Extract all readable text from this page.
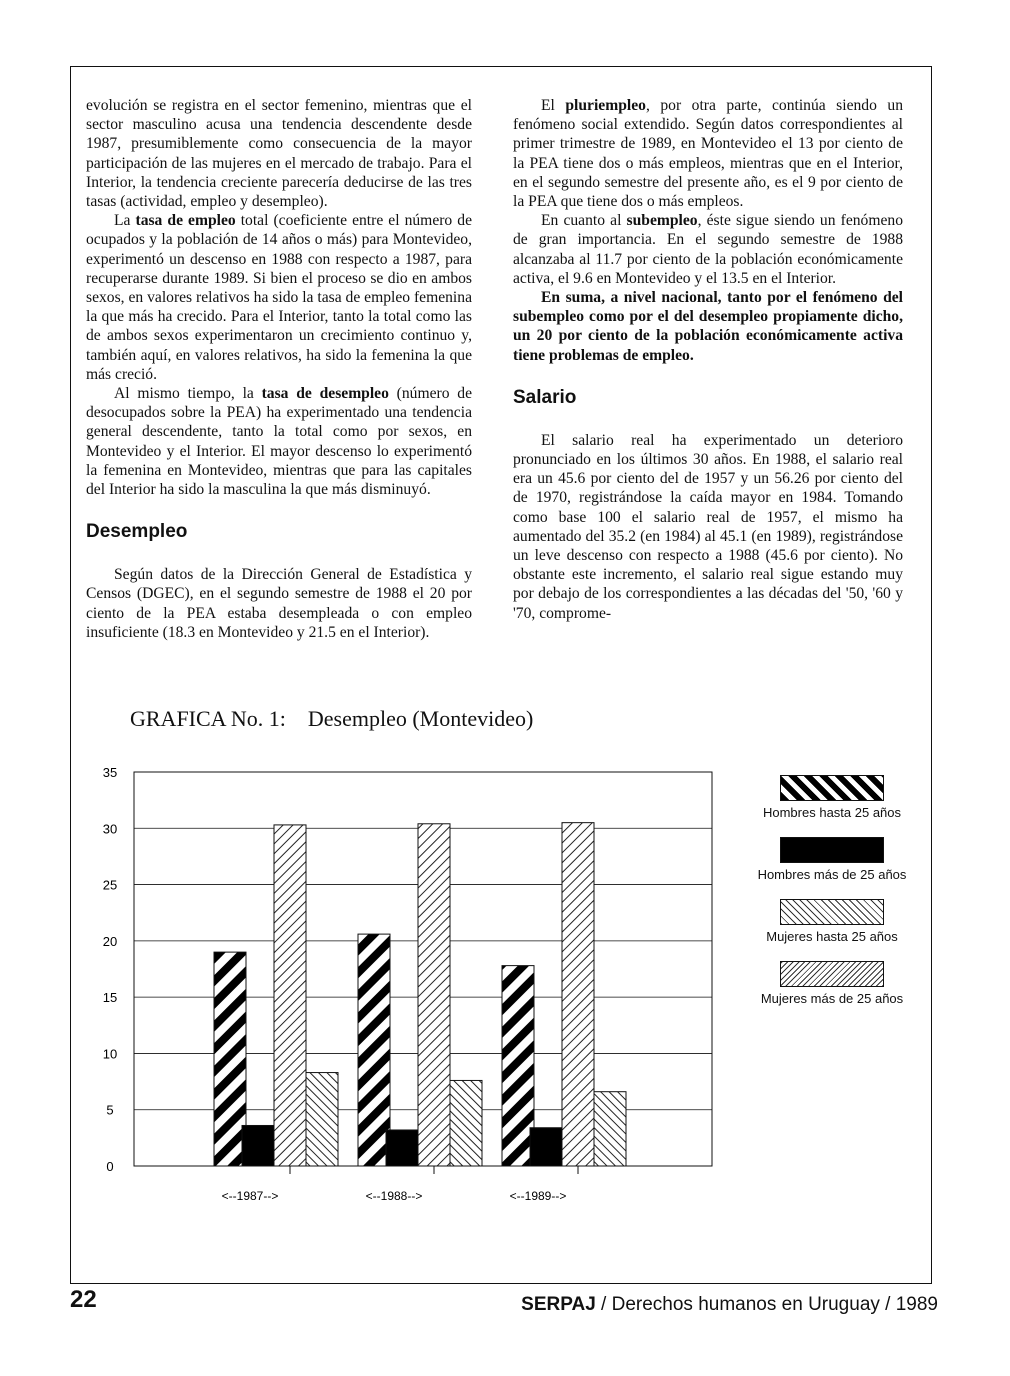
evolución se registra en el sector femenino, mientras que el sector masculino acusa una tendencia descendente desde 1987, presumiblemente como consecuencia de la mayor participación de las mujeres en el mercado de trabajo. Para el Interior, la tendencia creciente parecería deducirse de las tres tasas (actividad, empleo y desempleo).

La tasa de empleo total (coeficiente entre el número de ocupados y la población de 14 años o más) para Montevideo, experimentó un descenso en 1988 con respecto a 1987, para recuperarse durante 1989. Si bien el proceso se dio en ambos sexos, en valores relativos ha sido la tasa de empleo femenina la que más ha crecido. Para el Interior, tanto la total como las de ambos sexos experimentaron un crecimiento continuo y, también aquí, en valores relativos, ha sido la femenina la que más creció.

Al mismo tiempo, la tasa de desempleo (número de desocupados sobre la PEA) ha experimentado una tendencia general descendente, tanto la total como por sexos, en Montevideo y el Interior. El mayor descenso lo experimentó la femenina en Montevideo, mientras que para las capitales del Interior ha sido la masculina la que más disminuyó.

Desempleo

Según datos de la Dirección General de Estadística y Censos (DGEC), en el segundo semestre de 1988 el 20 por ciento de la PEA estaba desempleada o con empleo insuficiente (18.3 en Montevideo y 21.5 en el Interior).

El pluriempleo, por otra parte, continúa siendo un fenómeno social extendido. Según datos correspondientes al primer trimestre de 1989, en Montevideo el 13 por ciento de la PEA tiene dos o más empleos, mientras que en el Interior, en el segundo semestre del presente año, es el 9 por ciento de la PEA que tiene dos o más empleos.

En cuanto al subempleo, éste sigue siendo un fenómeno de gran importancia. En el segundo semestre de 1988 alcanzaba al 11.7 por ciento de la población económicamente activa, el 9.6 en Montevideo y el 13.5 en el Interior.

En suma, a nivel nacional, tanto por el fenómeno del subempleo como por el del desempleo propiamente dicho, un 20 por ciento de la población económicamente activa tiene problemas de empleo.

Salario

El salario real ha experimentado un deterioro pronunciado en los últimos 30 años. En 1988, el salario real era un 45.6 por ciento del de 1957 y un 56.26 por ciento del de 1970, registrándose la caída mayor en 1984. Tomando como base 100 el salario real de 1957, el mismo ha aumentado del 35.2 (en 1984) al 45.1 (en 1989), registrándose un leve descenso con respecto a 1988 (45.6 por ciento). No obstante este incremento, el salario real sigue estando muy por debajo de los correspondientes a las décadas del '50, '60 y '70, comprome-

GRAFICA No. 1: Desempleo (Montevideo)
0
5
10
15
20
25
30
35
<--1987-->	<--1988-->	<--1989-->
Hombres hasta 25 años
Hombres más de 25 años
Mujeres hasta 25 años
Mujeres más de 25 años
22	SERPAJ / Derechos humanos en Uruguay / 1989
